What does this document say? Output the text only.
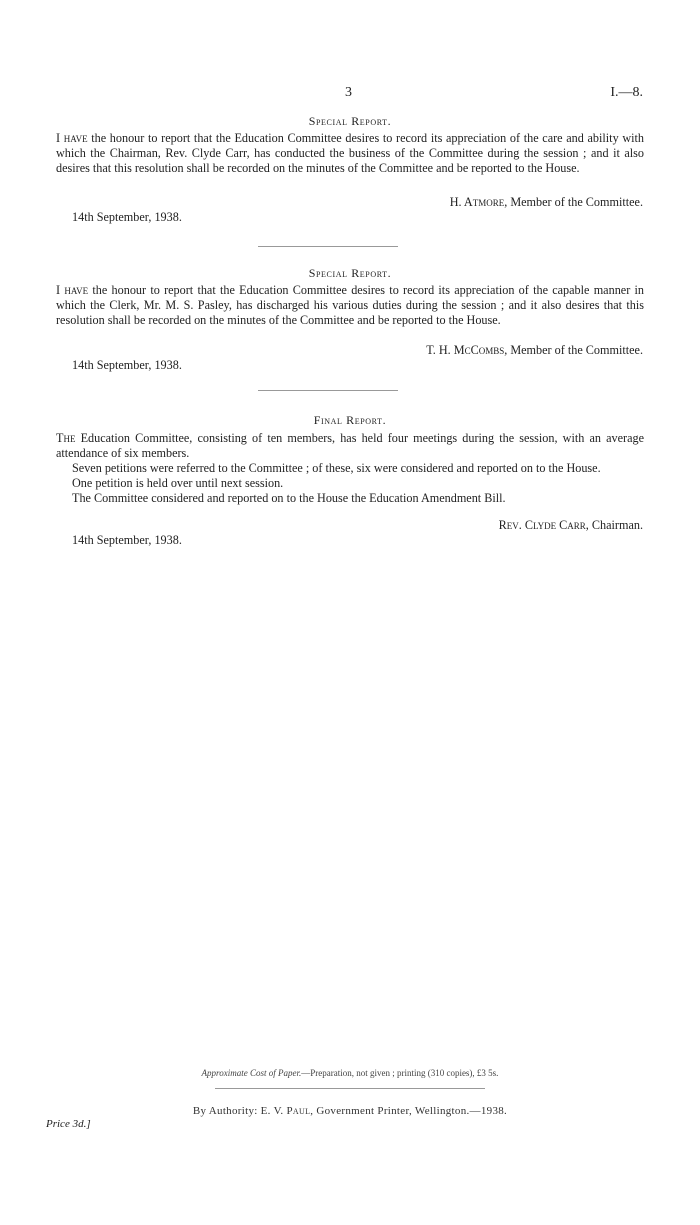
3	I.—8.
Special Report.

I have the honour to report that the Education Committee desires to record its appreciation of the care and ability with which the Chairman, Rev. Clyde Carr, has conducted the business of the Committee during the session ; and it also desires that this resolution shall be recorded on the minutes of the Committee and be reported to the House.

H. Atmore, Member of the Committee.
14th September, 1938.
Special Report.

I have the honour to report that the Education Committee desires to record its appreciation of the capable manner in which the Clerk, Mr. M. S. Pasley, has discharged his various duties during the session ; and it also desires that this resolution shall be recorded on the minutes of the Committee and be reported to the House.

T. H. McCombs, Member of the Committee.
14th September, 1938.
Final Report.

The Education Committee, consisting of ten members, has held four meetings during the session, with an average attendance of six members.

Seven petitions were referred to the Committee ; of these, six were considered and reported on to the House.

One petition is held over until next session.

The Committee considered and reported on to the House the Education Amendment Bill.

Rev. Clyde Carr, Chairman.
14th September, 1938.
Approximate Cost of Paper.—Preparation, not given ; printing (310 copies), £3 5s.
By Authority: E. V. Paul, Government Printer, Wellington.—1938.
Price 3d.]
